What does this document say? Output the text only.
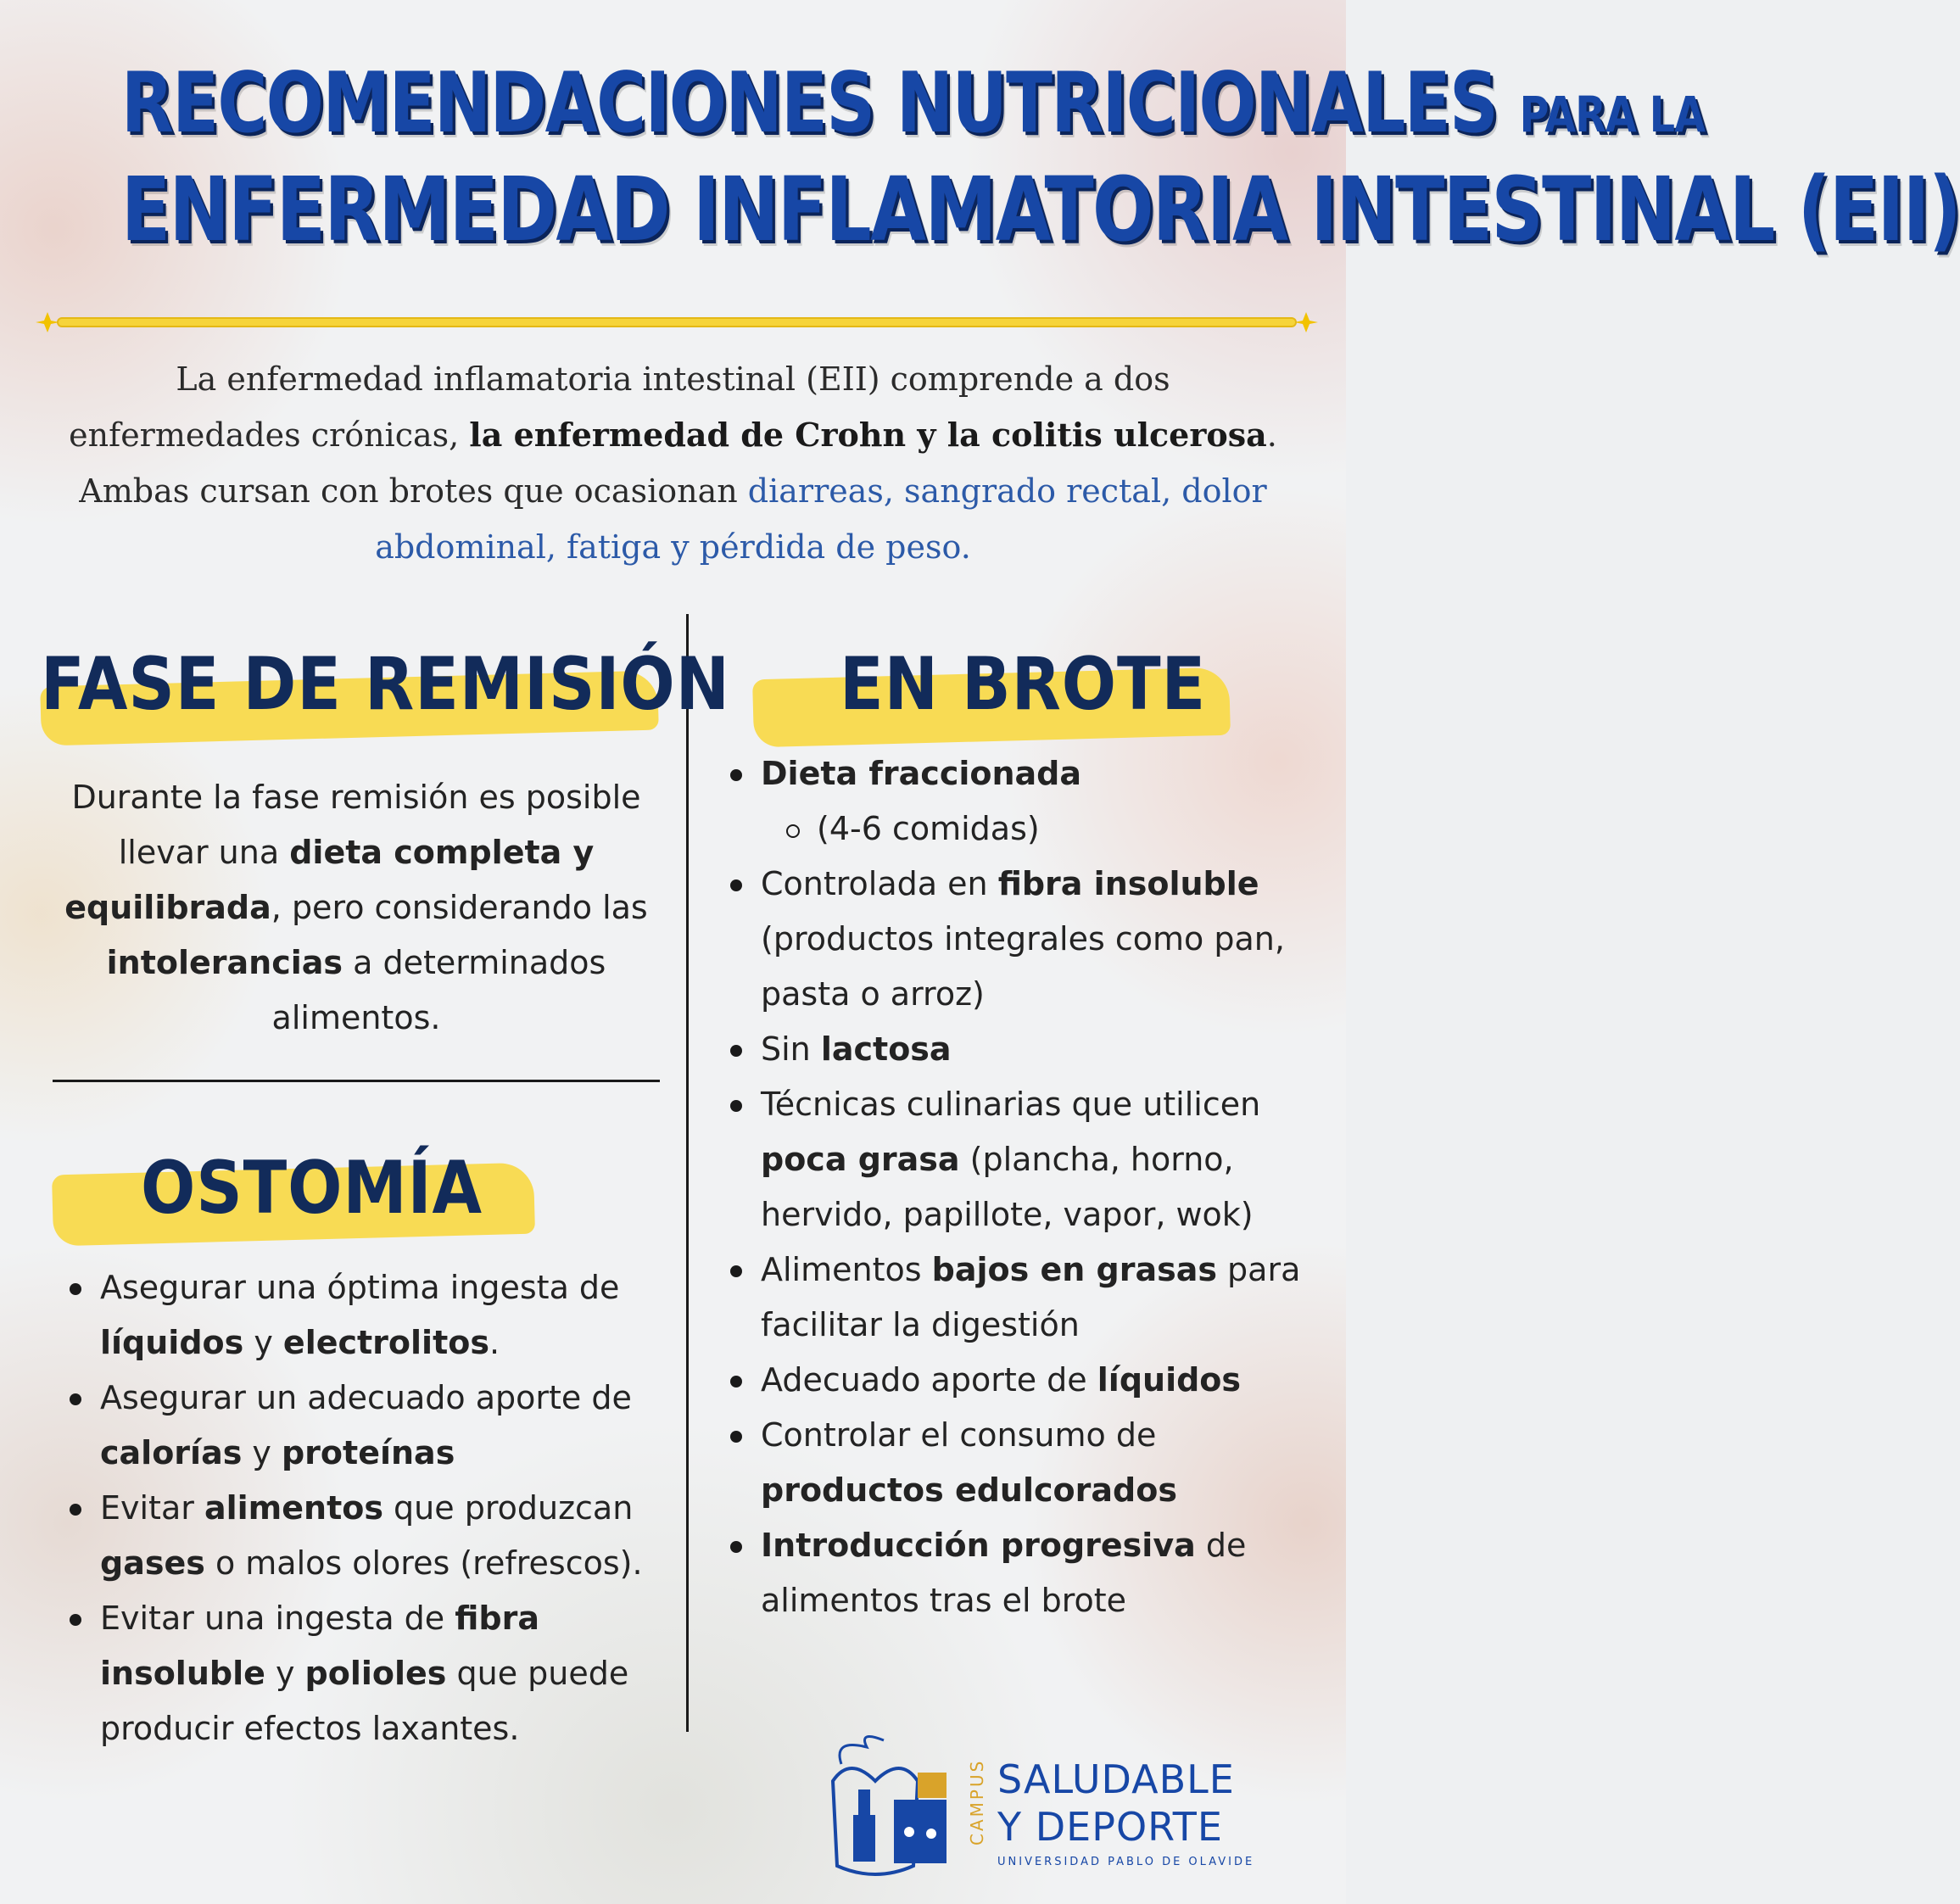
RECOMENDACIONES NUTRICIONALES PARA LA
ENFERMEDAD INFLAMATORIA INTESTINAL (EII)
La enfermedad inflamatoria intestinal (EII) comprende a dos enfermedades crónicas, la enfermedad de Crohn y la colitis ulcerosa. Ambas cursan con brotes que ocasionan diarreas, sangrado rectal, dolor abdominal, fatiga y pérdida de peso.
FASE DE REMISIÓN
Durante la fase remisión es posible llevar una dieta completa y equilibrada, pero considerando las intolerancias a determinados alimentos.
OSTOMÍA
Asegurar una óptima ingesta de líquidos y electrolitos.
Asegurar un adecuado aporte de calorías y proteínas
Evitar alimentos que produzcan gases o malos olores (refrescos).
Evitar una ingesta de fibra insoluble y polioles que puede producir efectos laxantes.
EN BROTE
Dieta fraccionada
(4-6 comidas)
Controlada en fibra insoluble (productos integrales como pan, pasta o arroz)
Sin lactosa
Técnicas culinarias que utilicen poca grasa (plancha, horno, hervido, papillote, vapor, wok)
Alimentos bajos en grasas para facilitar la digestión
Adecuado aporte de líquidos
Controlar el consumo de productos edulcorados
Introducción progresiva de alimentos tras el brote
CAMPUS SALUDABLE
Y DEPORTE
UNIVERSIDAD PABLO DE OLAVIDE
